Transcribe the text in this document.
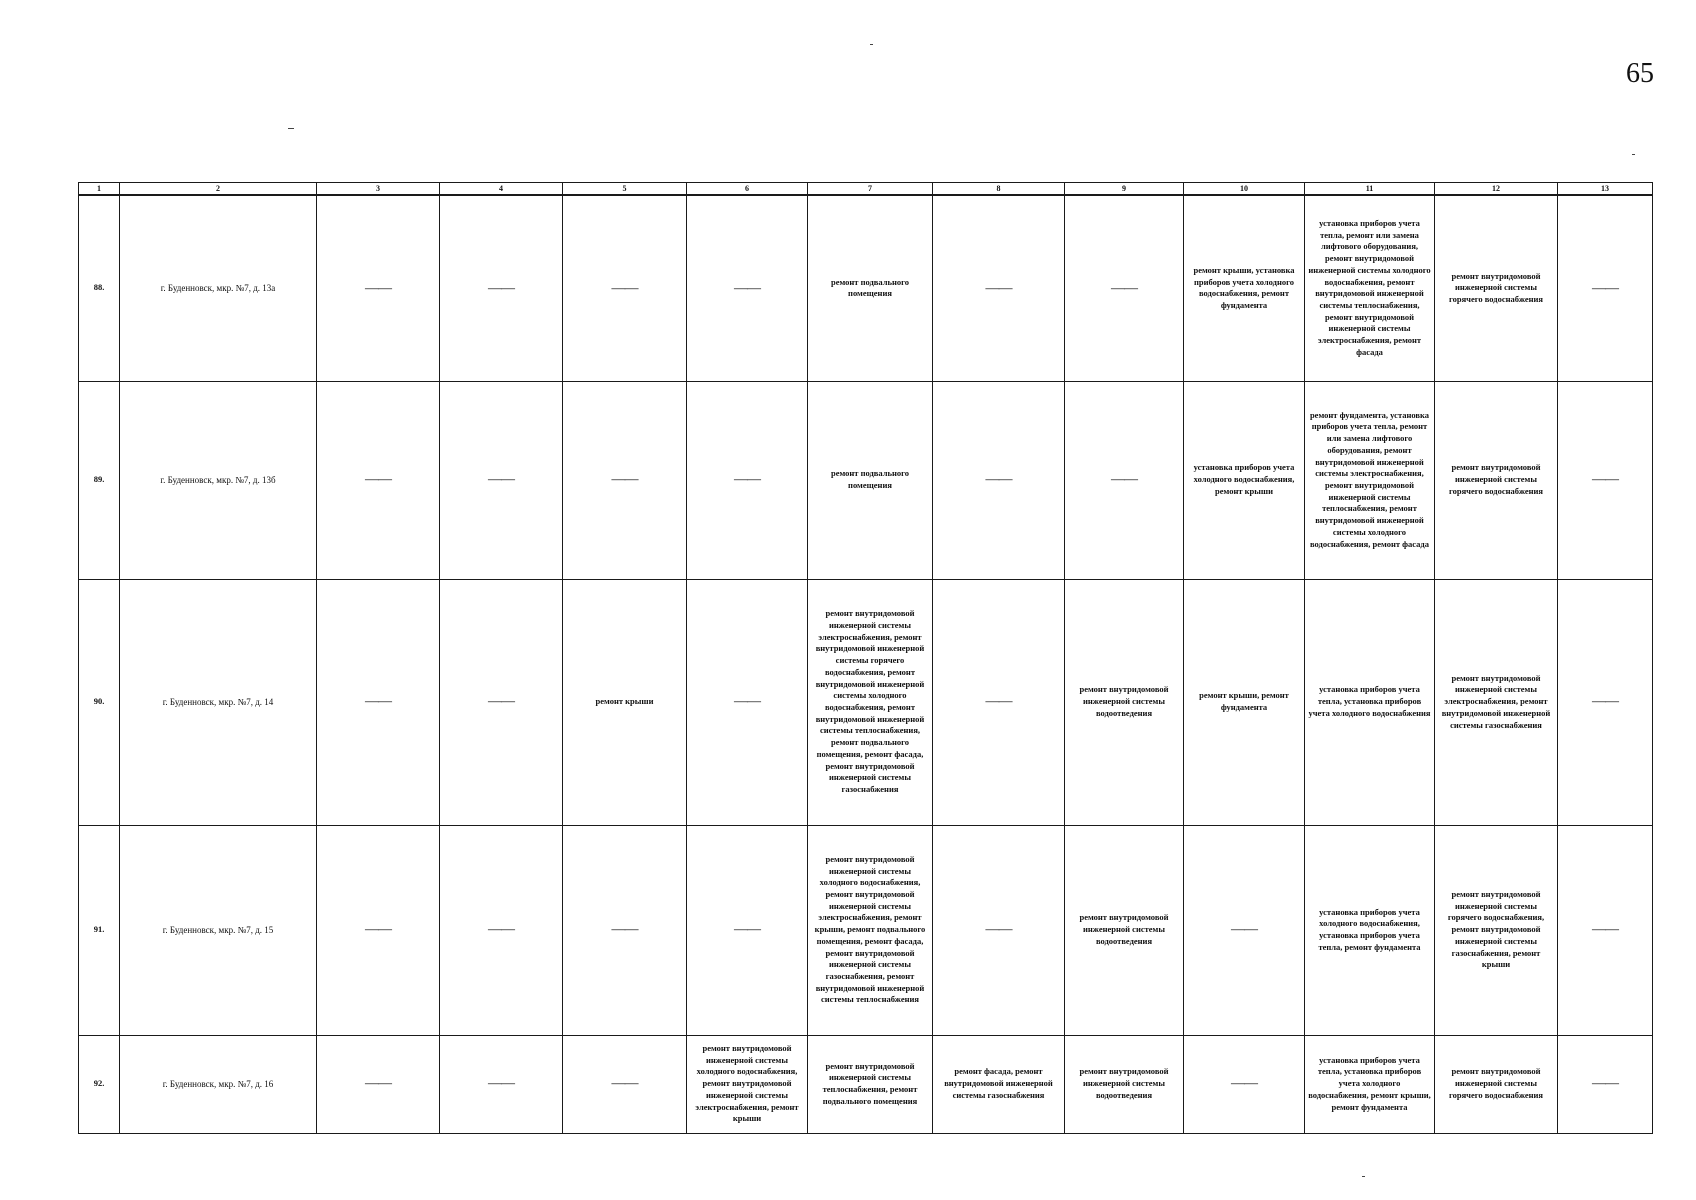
65
1	2	3	4	5	6	7	8	9	10	11	12	13
88.	г. Буденновск, мкр. №7, д. 13а	——	——	——	——	ремонт подвального помещения	——	——	ремонт крыши, установка приборов учета холодного водоснабжения, ремонт фундамента	установка приборов учета тепла, ремонт или замена лифтового оборудования, ремонт внутридомовой инженерной системы холодного водоснабжения, ремонт внутридомовой инженерной системы теплоснабжения, ремонт внутридомовой инженерной системы электроснабжения, ремонт фасада	ремонт внутридомовой инженерной системы горячего водоснабжения	——
89.	г. Буденновск, мкр. №7, д. 13б	——	——	——	——	ремонт подвального помещения	——	——	установка приборов учета холодного водоснабжения, ремонт крыши	ремонт фундамента, установка приборов учета тепла, ремонт или замена лифтового оборудования, ремонт внутридомовой инженерной системы электроснабжения, ремонт внутридомовой инженерной системы теплоснабжения, ремонт внутридомовой инженерной системы холодного водоснабжения, ремонт фасада	ремонт внутридомовой инженерной системы горячего водоснабжения	——
90.	г. Буденновск, мкр. №7, д. 14	——	——	ремонт крыши	——	ремонт внутридомовой инженерной системы электроснабжения, ремонт внутридомовой инженерной системы горячего водоснабжения, ремонт внутридомовой инженерной системы холодного водоснабжения, ремонт внутридомовой инженерной системы теплоснабжения, ремонт подвального помещения, ремонт фасада, ремонт внутридомовой инженерной системы газоснабжения	——	ремонт внутридомовой инженерной системы водоотведения	ремонт крыши, ремонт фундамента	установка приборов учета тепла, установка приборов учета холодного водоснабжения	ремонт внутридомовой инженерной системы электроснабжения, ремонт внутридомовой инженерной системы газоснабжения	——
91.	г. Буденновск, мкр. №7, д. 15	——	——	——	——	ремонт внутридомовой инженерной системы холодного водоснабжения, ремонт внутридомовой инженерной системы электроснабжения, ремонт крыши, ремонт подвального помещения, ремонт фасада, ремонт внутридомовой инженерной системы газоснабжения, ремонт внутридомовой инженерной системы теплоснабжения	——	ремонт внутридомовой инженерной системы водоотведения	——	установка приборов учета холодного водоснабжения, установка приборов учета тепла, ремонт фундамента	ремонт внутридомовой инженерной системы горячего водоснабжения, ремонт внутридомовой инженерной системы газоснабжения, ремонт крыши	——
92.	г. Буденновск, мкр. №7, д. 16	——	——	——	ремонт внутридомовой инженерной системы холодного водоснабжения, ремонт внутридомовой инженерной системы электроснабжения, ремонт крыши	ремонт внутридомовой инженерной системы теплоснабжения, ремонт подвального помещения	ремонт фасада, ремонт внутридомовой инженерной системы газоснабжения	ремонт внутридомовой инженерной системы водоотведения	——	установка приборов учета тепла, установка приборов учета холодного водоснабжения, ремонт крыши, ремонт фундамента	ремонт внутридомовой инженерной системы горячего водоснабжения	——
